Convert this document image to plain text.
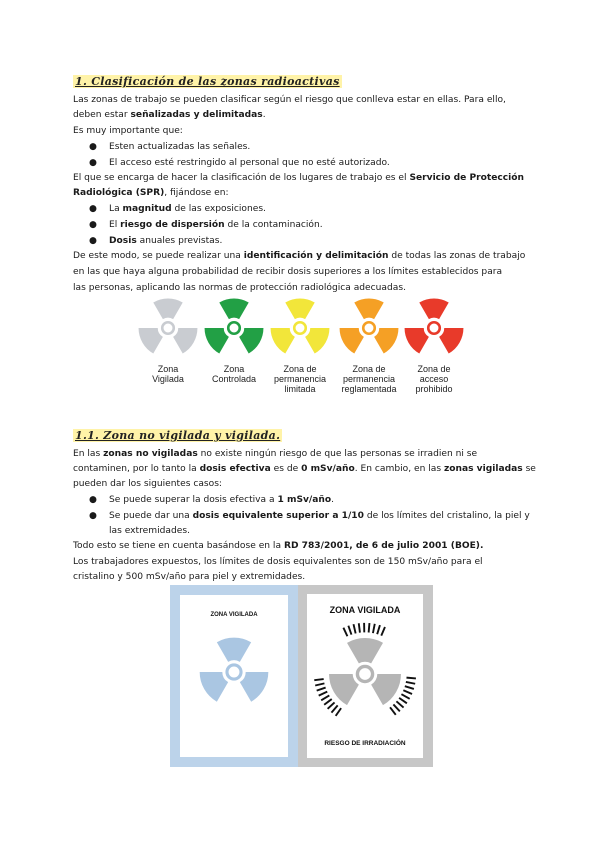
1. Clasificación de las zonas radioactivas
Las zonas de trabajo se pueden clasificar según el riesgo que conlleva estar en ellas. Para ello,
deben estar señalizadas y delimitadas.
Es muy importante que:
● Esten actualizadas las señales.
● El acceso esté restringido al personal que no esté autorizado.
El que se encarga de hacer la clasificación de los lugares de trabajo es el Servicio de Protección
Radiológica (SPR), fijándose en:
● La magnitud de las exposiciones.
● El riesgo de dispersión de la contaminación.
● Dosis anuales previstas.
De este modo, se puede realizar una identificación y delimitación de todas las zonas de trabajo
en las que haya alguna probabilidad de recibir dosis superiores a los límites establecidos para
las personas, aplicando las normas de protección radiológica adecuadas.
Zona
Vigilada

Zona
Controlada

Zona de
permanencia
limitada
Zona de
permanencia
reglamentada
Zona de
acceso
prohibido
1.1. Zona no vigilada y vigilada.
En las zonas no vigiladas no existe ningún riesgo de que las personas se irradien ni se
contaminen, por lo tanto la dosis efectiva es de 0 mSv/año. En cambio, en las zonas vigiladas se
pueden dar los siguientes casos:
● Se puede superar la dosis efectiva a 1 mSv/año.
● Se puede dar una dosis equivalente superior a 1/10 de los límites del cristalino, la piel y
las extremidades.
Todo esto se tiene en cuenta basándose en la RD 783/2001, de 6 de julio 2001 (BOE).
Los trabajadores expuestos, los límites de dosis equivalentes son de 150 mSv/año para el
cristalino y 500 mSv/año para piel y extremidades.
ZONA VIGILADA	ZONA VIGILADA
RIESGO DE IRRADIACIÓN
